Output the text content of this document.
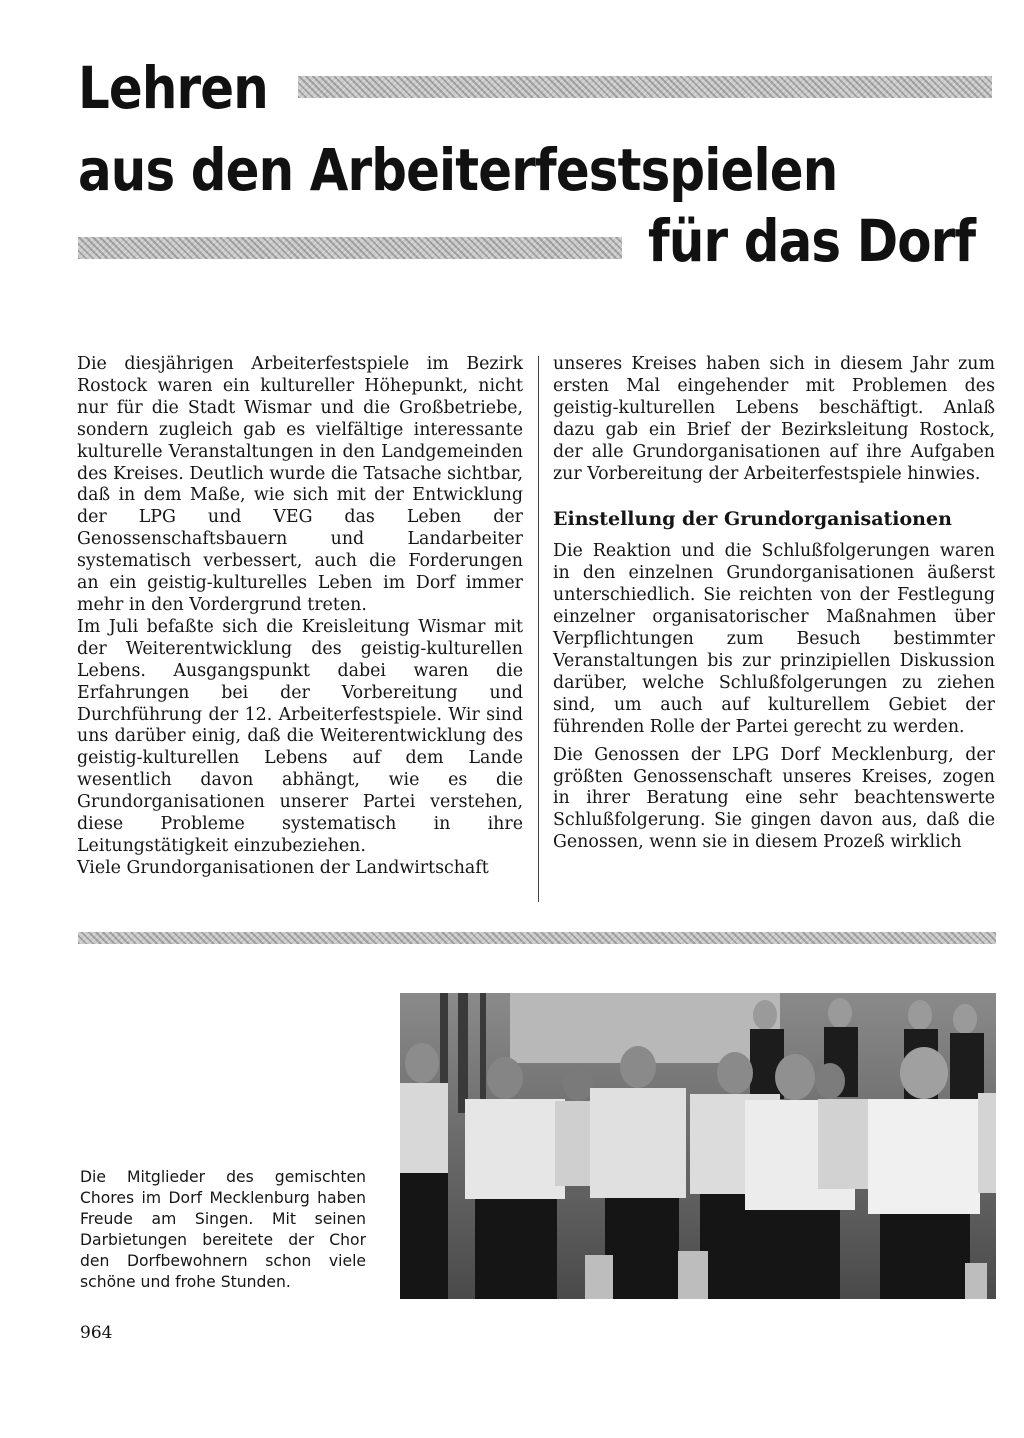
Lehren
aus den Arbeiterfestspielen
für das Dorf

Die diesjährigen Arbeiterfestspiele im Bezirk Rostock waren ein kultureller Höhepunkt, nicht nur für die Stadt Wismar und die Großbetriebe, sondern zugleich gab es vielfältige interessante kulturelle Veranstaltungen in den Landgemeinden des Kreises. Deutlich wurde die Tatsache sichtbar, daß in dem Maße, wie sich mit der Entwicklung der LPG und VEG das Leben der Genossenschaftsbauern und Landarbeiter systematisch verbessert, auch die Forderungen an ein geistig-kulturelles Leben im Dorf immer mehr in den Vordergrund treten.

Im Juli befaßte sich die Kreisleitung Wismar mit der Weiterentwicklung des geistig-kulturellen Lebens. Ausgangspunkt dabei waren die Erfahrungen bei der Vorbereitung und Durchführung der 12. Arbeiterfestspiele. Wir sind uns darüber einig, daß die Weiterentwicklung des geistig-kulturellen Lebens auf dem Lande wesentlich davon abhängt, wie es die Grundorganisationen unserer Partei verstehen, diese Probleme systematisch in ihre Leitungstätigkeit einzubeziehen.

Viele Grundorganisationen der Landwirtschaft

unseres Kreises haben sich in diesem Jahr zum ersten Mal eingehender mit Problemen des geistig-kulturellen Lebens beschäftigt. Anlaß dazu gab ein Brief der Bezirksleitung Rostock, der alle Grundorganisationen auf ihre Aufgaben zur Vorbereitung der Arbeiterfestspiele hinwies.

Einstellung der Grundorganisationen

Die Reaktion und die Schlußfolgerungen waren in den einzelnen Grundorganisationen äußerst unterschiedlich. Sie reichten von der Festlegung einzelner organisatorischer Maßnahmen über Verpflichtungen zum Besuch bestimmter Veranstaltungen bis zur prinzipiellen Diskussion darüber, welche Schlußfolgerungen zu ziehen sind, um auch auf kulturellem Gebiet der führenden Rolle der Partei gerecht zu werden.

Die Genossen der LPG Dorf Mecklenburg, der größten Genossenschaft unseres Kreises, zogen in ihrer Beratung eine sehr beachtenswerte Schlußfolgerung. Sie gingen davon aus, daß die Genossen, wenn sie in diesem Prozeß wirklich

Die Mitglieder des gemischten Chores im Dorf Mecklenburg haben Freude am Singen. Mit seinen Darbietungen bereitete der Chor den Dorfbewohnern schon viele schöne und frohe Stunden.
964
